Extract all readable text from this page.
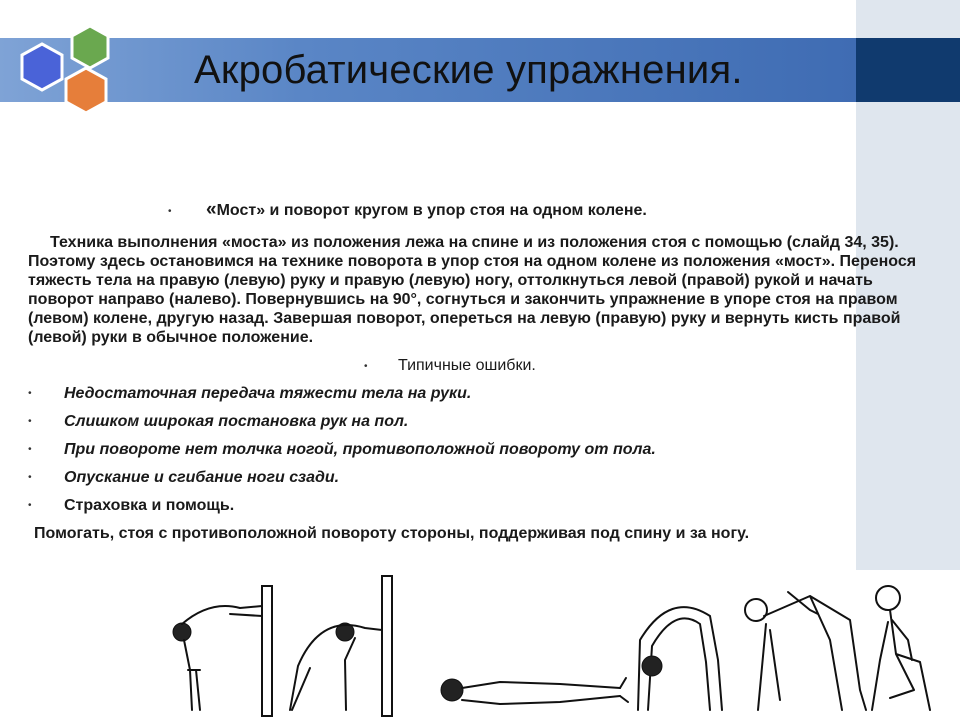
Акробатические упражнения.
• «Мост» и поворот кругом в упор стоя на одном колене.
Техника выполнения «моста» из положения лежа на спине и из положения стоя с помощью (слайд 34, 35). Поэтому здесь остановимся на технике поворота в упор стоя на одном колене из положения «мост». Перенося тяжесть тела на правую (левую) руку и правую (левую) ногу, оттолкнуться левой (правой) рукой и начать поворот направо (налево). Повернувшись на 90°, согнуться и закончить упражнение в упоре стоя на правом (левом) колене, другую назад. Завершая поворот, опереться на левую (правую) руку и вернуть кисть правой (левой) руки в обычное положение.
• Типичные ошибки.
• Недостаточная передача тяжести тела на руки.
• Слишком широкая постановка рук на пол.
• При повороте нет толчка ногой, противоположной повороту от пола.
• Опускание и сгибание ноги сзади.
• Страховка и помощь.
Помогать, стоя с противоположной повороту стороны, поддерживая под спину и за ногу.
